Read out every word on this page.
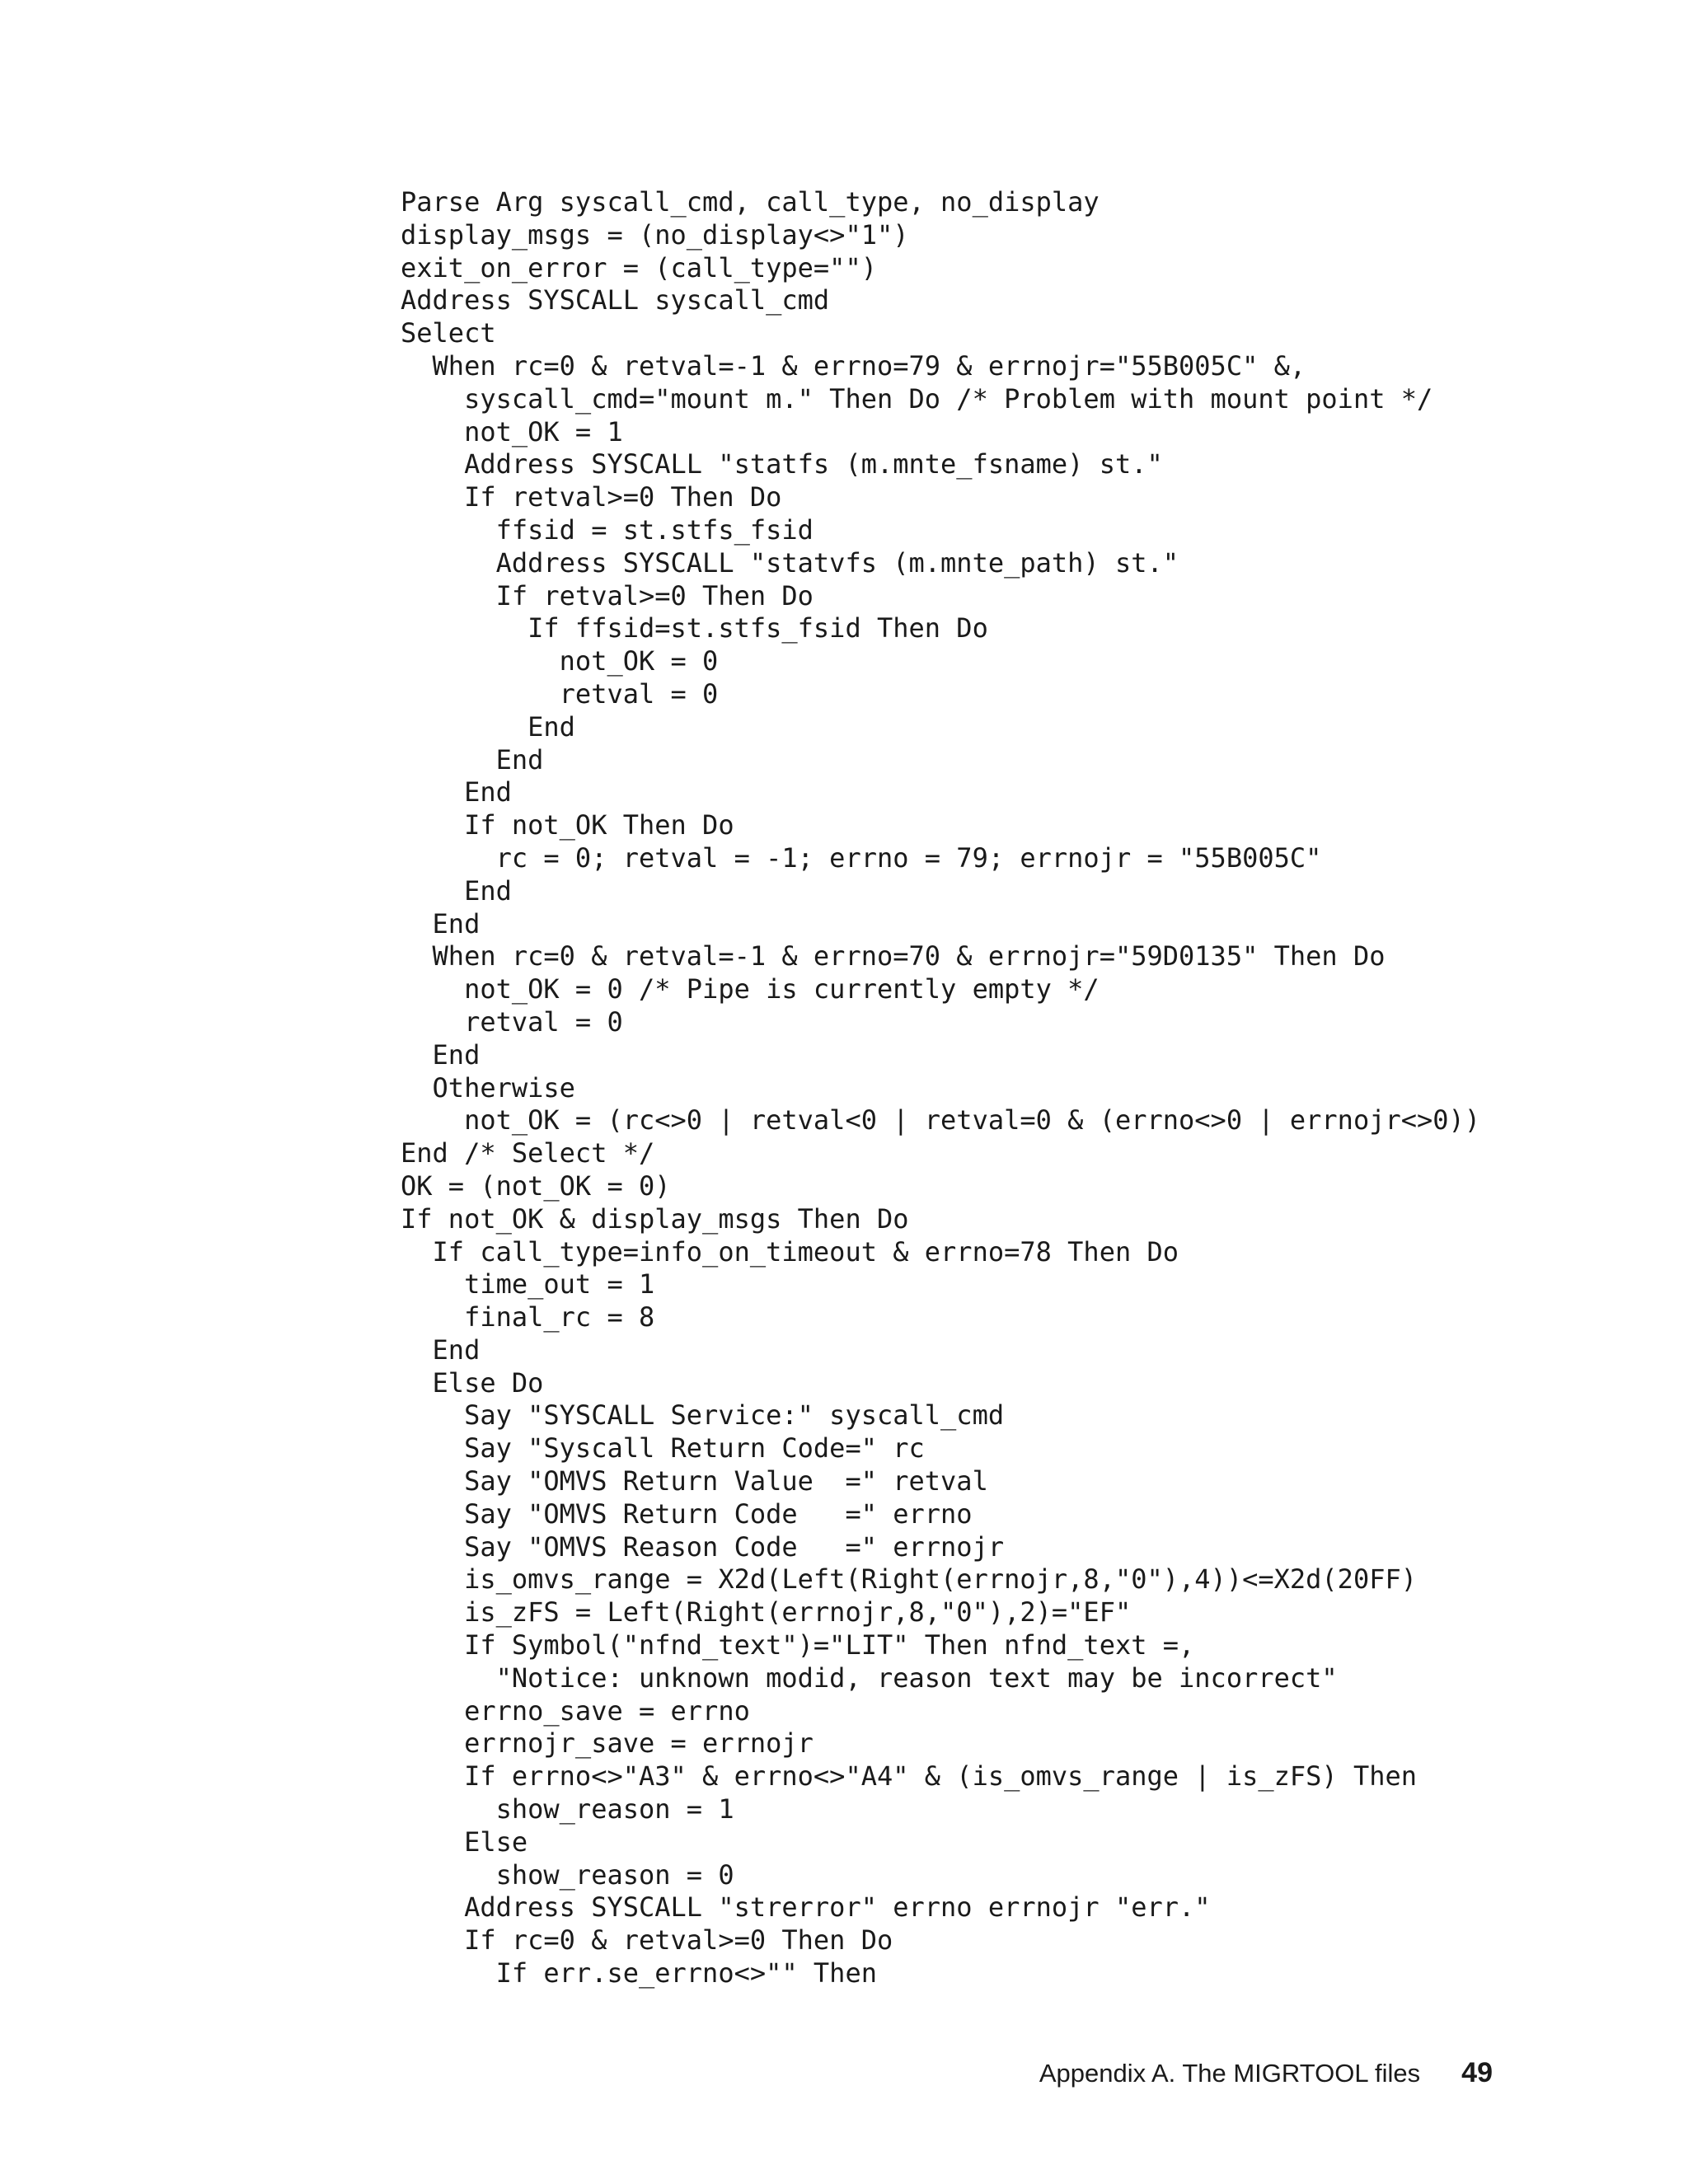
Parse Arg syscall_cmd, call_type, no_display
display_msgs = (no_display<>"1")
exit_on_error = (call_type="")
Address SYSCALL syscall_cmd
Select
When rc=0 & retval=-1 & errno=79 & errnojr="55B005C" &,
syscall_cmd="mount m." Then Do /* Problem with mount point */
not_OK = 1
Address SYSCALL "statfs (m.mnte_fsname) st."
If retval>=0 Then Do
ffsid = st.stfs_fsid
Address SYSCALL "statvfs (m.mnte_path) st."
If retval>=0 Then Do
If ffsid=st.stfs_fsid Then Do
not_OK = 0
retval = 0
End
End
End
If not_OK Then Do
rc = 0; retval = -1; errno = 79; errnojr = "55B005C"
End
End
When rc=0 & retval=-1 & errno=70 & errnojr="59D0135" Then Do
not_OK = 0 /* Pipe is currently empty */
retval = 0
End
Otherwise
not_OK = (rc<>0 | retval<0 | retval=0 & (errno<>0 | errnojr<>0))
End /* Select */
OK = (not_OK = 0)
If not_OK & display_msgs Then Do
If call_type=info_on_timeout & errno=78 Then Do
time_out = 1
final_rc = 8
End
Else Do
Say "SYSCALL Service:" syscall_cmd
Say "Syscall Return Code=" rc
Say "OMVS Return Value  =" retval
Say "OMVS Return Code   =" errno
Say "OMVS Reason Code   =" errnojr
is_omvs_range = X2d(Left(Right(errnojr,8,"0"),4))<=X2d(20FF)
is_zFS = Left(Right(errnojr,8,"0"),2)="EF"
If Symbol("nfnd_text")="LIT" Then nfnd_text =,
"Notice: unknown modid, reason text may be incorrect"
errno_save = errno
errnojr_save = errnojr
If errno<>"A3" & errno<>"A4" & (is_omvs_range | is_zFS) Then
show_reason = 1
Else
show_reason = 0
Address SYSCALL "strerror" errno errnojr "err."
If rc=0 & retval>=0 Then Do
If err.se_errno<>"" Then
Appendix A. The MIGRTOOL files 49
